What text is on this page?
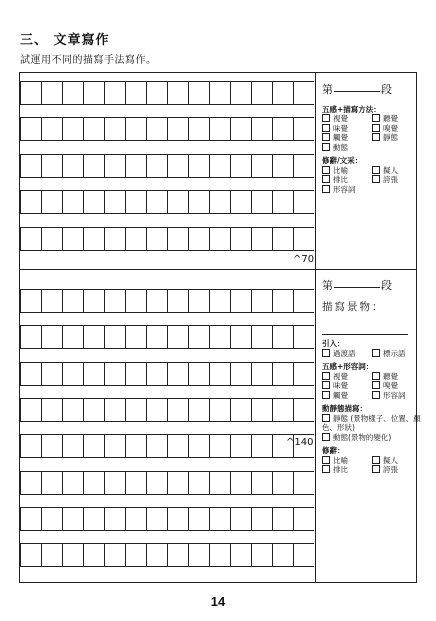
三、 文章寫作
試運用不同的描寫手法寫作。
^70
^140
第	段
五感+描寫方法：
視覺	聽覺
味覺	嗅覺
觸覺	靜態
動態
修辭/文采：
比喻	擬人
排比	誇張
形容詞
第	段
描寫景物：
引入：
過渡語	標示語
五感+形容詞：
視覺	聽覺
味覺	嗅覺
觸覺	形容詞
動靜態描寫：
靜態 (景物樣子、位置、顏色、形狀)
動態(景物的變化)
修辭：
比喻	擬人
排比	誇張
14
